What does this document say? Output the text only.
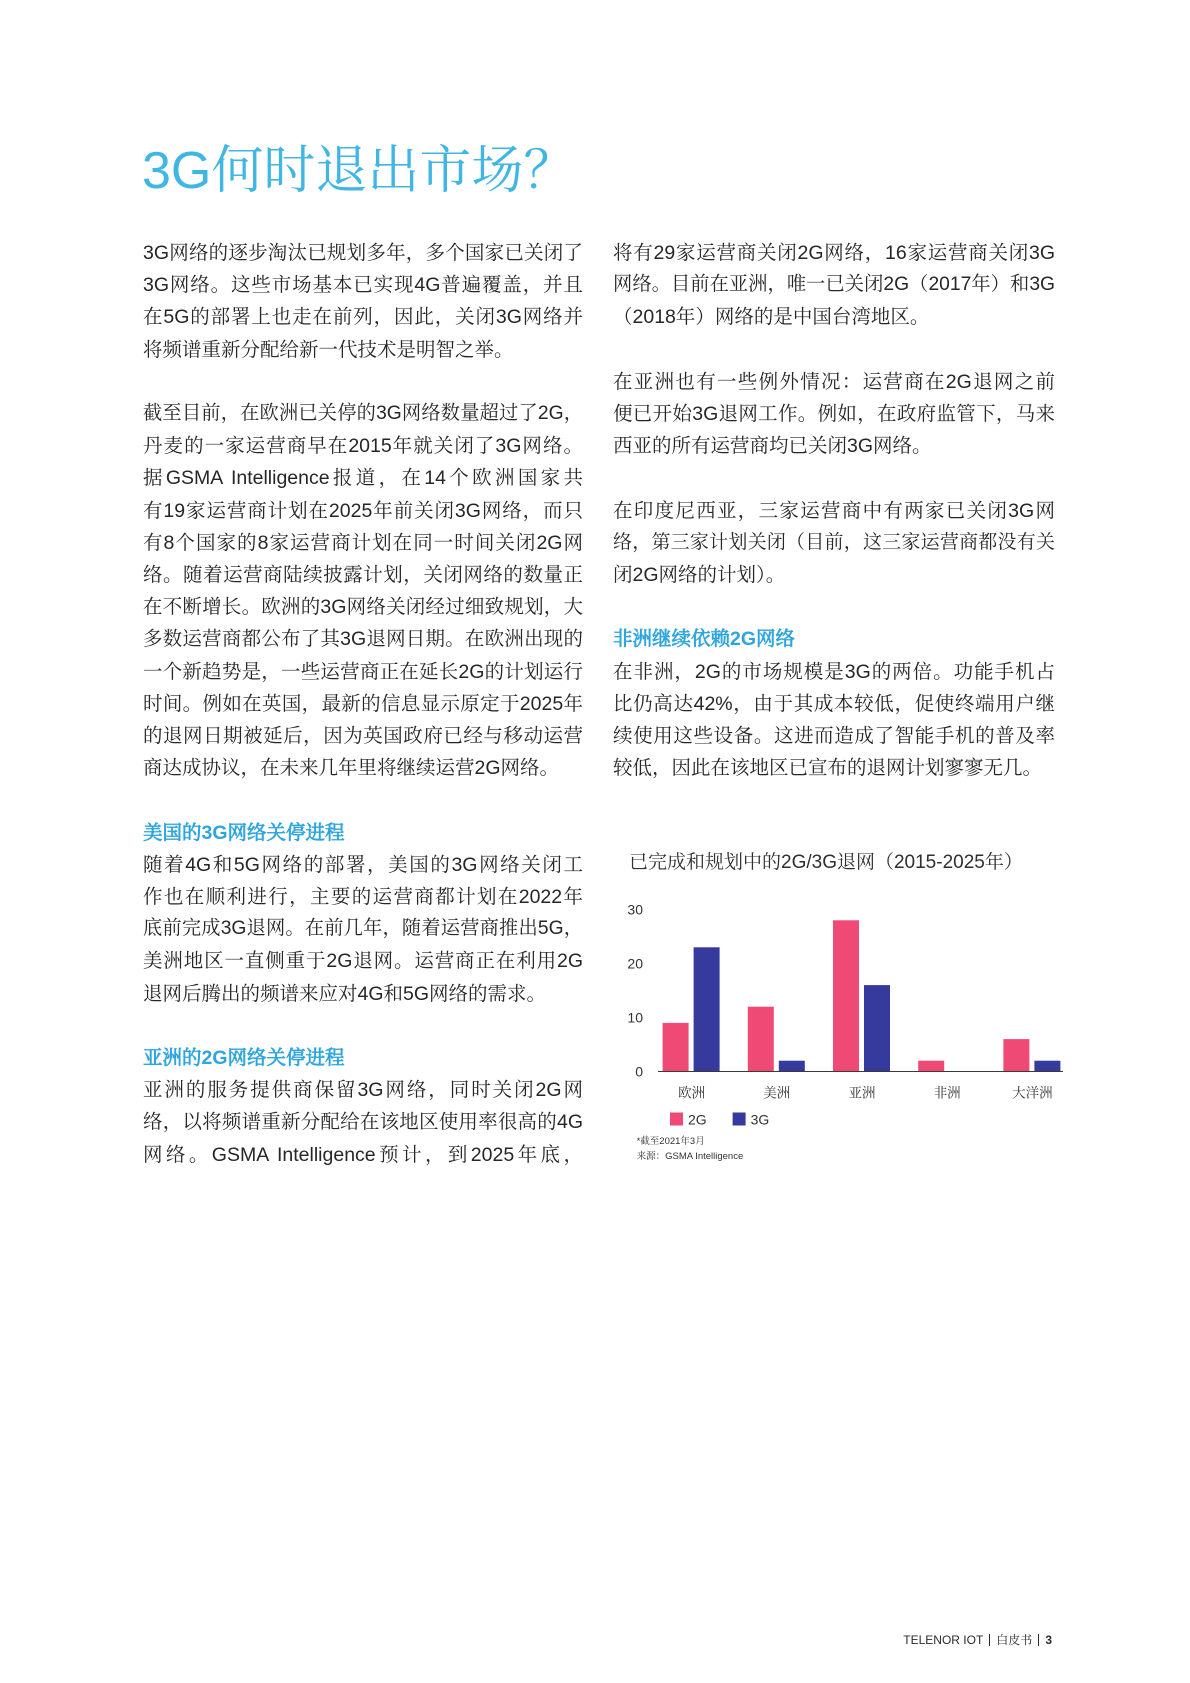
3G何时退出市场？
3G网络的逐步淘汰已规划多年，多个国家已关闭了
3G网络。这些市场基本已实现4G普遍覆盖，并且
在5G的部署上也走在前列，因此，关闭3G网络并
将频谱重新分配给新一代技术是明智之举。
截至目前，在欧洲已关停的3G网络数量超过了2G，
丹麦的一家运营商早在2015年就关闭了3G网络。
据GSMA Intelligence报道，在14个欧洲国家共
有19家运营商计划在2025年前关闭3G网络，而只
有8个国家的8家运营商计划在同一时间关闭2G网
络。随着运营商陆续披露计划，关闭网络的数量正
在不断增长。欧洲的3G网络关闭经过细致规划，大
多数运营商都公布了其3G退网日期。在欧洲出现的
一个新趋势是，一些运营商正在延长2G的计划运行
时间。例如在英国，最新的信息显示原定于2025年
的退网日期被延后，因为英国政府已经与移动运营
商达成协议，在未来几年里将继续运营2G网络。
美国的3G网络关停进程
随着4G和5G网络的部署，美国的3G网络关闭工
作也在顺利进行，主要的运营商都计划在2022年
底前完成3G退网。在前几年，随着运营商推出5G，
美洲地区一直侧重于2G退网。运营商正在利用2G
退网后腾出的频谱来应对4G和5G网络的需求。
亚洲的2G网络关停进程
亚洲的服务提供商保留3G网络，同时关闭2G网
络，以将频谱重新分配给在该地区使用率很高的4G
网络。GSMA Intelligence预计，到2025年底，
将有29家运营商关闭2G网络，16家运营商关闭3G
网络。目前在亚洲，唯一已关闭2G（2017年）和3G
（2018年）网络的是中国台湾地区。
在亚洲也有一些例外情况：运营商在2G退网之前
便已开始3G退网工作。例如，在政府监管下，马来
西亚的所有运营商均已关闭3G网络。
在印度尼西亚，三家运营商中有两家已关闭3G网
络，第三家计划关闭（目前，这三家运营商都没有关
闭2G网络的计划）。
非洲继续依赖2G网络
在非洲，2G的市场规模是3G的两倍。功能手机占
比仍高达42%，由于其成本较低，促使终端用户继
续使用这些设备。这进而造成了智能手机的普及率
较低，因此在该地区已宣布的退网计划寥寥无几。
已完成和规划中的2G/3G退网（2015-2025年）
0
10
20
30
欧洲	美洲	亚洲	非洲	大洋洲
2G	3G
*截至2021年3月
来源：GSMA Intelligence
TELENOR IOT 白皮书 3
